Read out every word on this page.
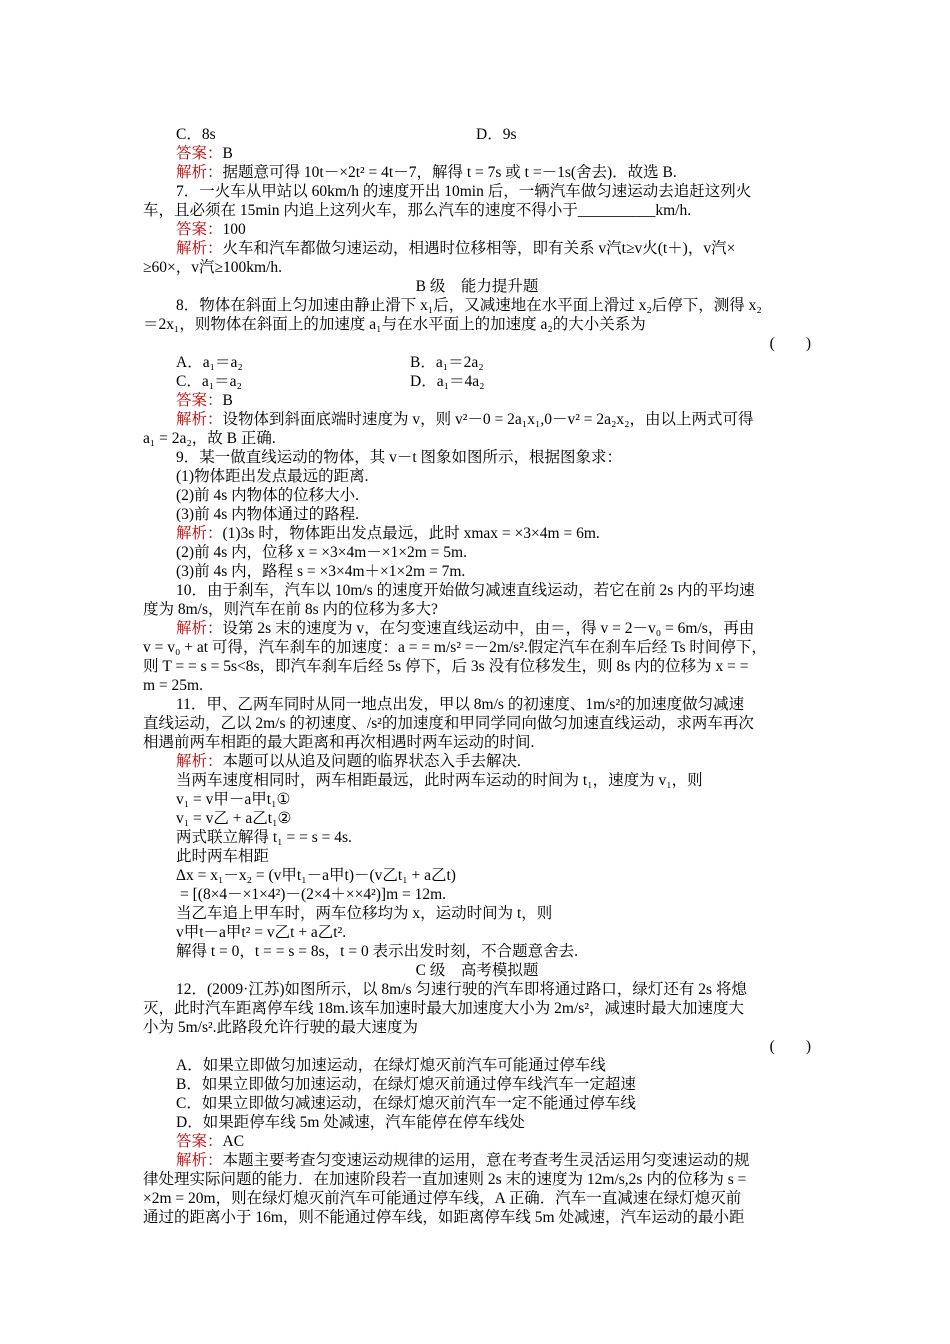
C．8s	D．9s
答案：B
解析：据题意可得 10t－×2t² = 4t－7，解得 t = 7s 或 t =－1s(舍去)．故选 B.
7．一火车从甲站以 60km/h 的速度开出 10min 后，一辆汽车做匀速运动去追赶这列火
车，且必须在 15min 内追上这列火车，那么汽车的速度不得小于__________km/h.
答案：100
解析：火车和汽车都做匀速运动，相遇时位移相等，即有关系 v汽t≥v火(t＋)，v汽×
≥60×，v汽≥100km/h.
B 级　能力提升题
8．物体在斜面上匀加速由静止滑下 x₁后，又减速地在水平面上滑过 x₂后停下，测得 x₂
＝2x₁，则物体在斜面上的加速度 a₁与在水平面上的加速度 a₂的大小关系为
(　　)
A．a₁＝a₂	B．a₁＝2a₂
C．a₁＝a₂	D．a₁＝4a₂
答案：B
解析：设物体到斜面底端时速度为 v，则 v²－0 = 2a₁x₁,0－v² = 2a₂x₂，由以上两式可得
a₁ = 2a₂，故 B 正确.
9．某一做直线运动的物体，其 v－t 图象如图所示，根据图象求：
(1)物体距出发点最远的距离.
(2)前 4s 内物体的位移大小.
(3)前 4s 内物体通过的路程.
解析：(1)3s 时，物体距出发点最远，此时 xmax = ×3×4m = 6m.
(2)前 4s 内，位移 x = ×3×4m－×1×2m = 5m.
(3)前 4s 内，路程 s = ×3×4m＋×1×2m = 7m.
10．由于刹车，汽车以 10m/s 的速度开始做匀减速直线运动，若它在前 2s 内的平均速
度为 8m/s，则汽车在前 8s 内的位移为多大?
解析：设第 2s 末的速度为 v，在匀变速直线运动中，由＝，得 v = 2－v₀ = 6m/s，再由
v = v₀ + at 可得，汽车刹车的加速度：a = = m/s² =－2m/s².假定汽车在刹车后经 Ts 时间停下，
则 T = = s = 5s<8s，即汽车刹车后经 5s 停下，后 3s 没有位移发生，则 8s 内的位移为 x = =
m = 25m.
11．甲、乙两车同时从同一地点出发，甲以 8m/s 的初速度、1m/s²的加速度做匀减速
直线运动，乙以 2m/s 的初速度、/s²的加速度和甲同学同向做匀加速直线运动，求两车再次
相遇前两车相距的最大距离和再次相遇时两车运动的时间.
解析：本题可以从追及问题的临界状态入手去解决.
当两车速度相同时，两车相距最远，此时两车运动的时间为 t₁，速度为 v₁，则
v₁ = v甲－a甲t₁①
v₁ = v乙 + a乙t₁②
两式联立解得 t₁ = = s = 4s.
此时两车相距
Δx = x₁－x₂ = (v甲t₁－a甲t)－(v乙t₁ + a乙t)
= [(8×4－×1×4²)－(2×4＋××4²)]m = 12m.
当乙车追上甲车时，两车位移均为 x，运动时间为 t，则
v甲t－a甲t² = v乙t + a乙t².
解得 t = 0，t = = s = 8s，t = 0 表示出发时刻，不合题意舍去.
C 级　高考模拟题
12．(2009·江苏)如图所示，以 8m/s 匀速行驶的汽车即将通过路口，绿灯还有 2s 将熄
灭，此时汽车距离停车线 18m.该车加速时最大加速度大小为 2m/s²，减速时最大加速度大
小为 5m/s².此路段允许行驶的最大速度为
(　　)
A．如果立即做匀加速运动，在绿灯熄灭前汽车可能通过停车线
B．如果立即做匀加速运动，在绿灯熄灭前通过停车线汽车一定超速
C．如果立即做匀减速运动，在绿灯熄灭前汽车一定不能通过停车线
D．如果距停车线 5m 处减速，汽车能停在停车线处
答案：AC
解析：本题主要考查匀变速运动规律的运用，意在考查考生灵活运用匀变速运动的规
律处理实际问题的能力．在加速阶段若一直加速则 2s 末的速度为 12m/s,2s 内的位移为 s =
×2m = 20m，则在绿灯熄灭前汽车可能通过停车线，A 正确．汽车一直减速在绿灯熄灭前
通过的距离小于 16m，则不能通过停车线，如距离停车线 5m 处减速，汽车运动的最小距
